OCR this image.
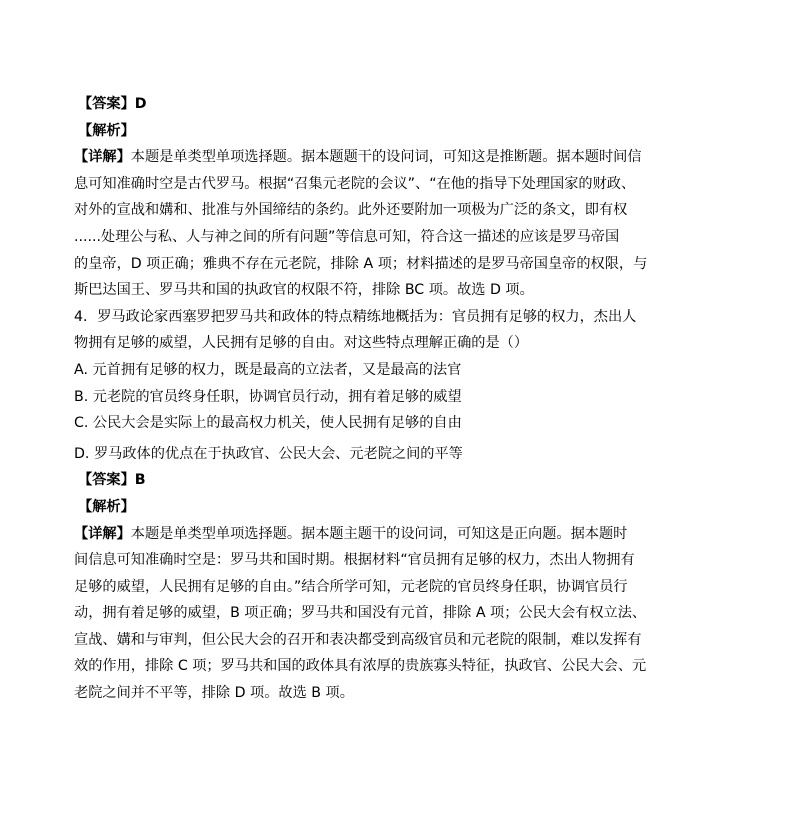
【答案】D
【解析】
【详解】本题是单类型单项选择题。据本题题干的设问词，可知这是推断题。据本题时间信
息可知准确时空是古代罗马。根据“召集元老院的会议”、“在他的指导下处理国家的财政、
对外的宣战和媾和、批准与外国缔结的条约。此外还要附加一项极为广泛的条文，即有权
......处理公与私、人与神之间的所有问题”等信息可知，符合这一描述的应该是罗马帝国
的皇帝，D 项正确；雅典不存在元老院，排除 A 项；材料描述的是罗马帝国皇帝的权限，与
斯巴达国王、罗马共和国的执政官的权限不符，排除 BC 项。故选 D 项。
4．罗马政论家西塞罗把罗马共和政体的特点精练地概括为：官员拥有足够的权力，杰出人
物拥有足够的威望，人民拥有足够的自由。对这些特点理解正确的是（）
A. 元首拥有足够的权力，既是最高的立法者，又是最高的法官
B. 元老院的官员终身任职，协调官员行动，拥有着足够的威望
C. 公民大会是实际上的最高权力机关，使人民拥有足够的自由
D. 罗马政体的优点在于执政官、公民大会、元老院之间的平等
【答案】B
【解析】
【详解】本题是单类型单项选择题。据本题主题干的设问词，可知这是正向题。据本题时
间信息可知准确时空是：罗马共和国时期。根据材料“官员拥有足够的权力，杰出人物拥有
足够的威望，人民拥有足够的自由。”结合所学可知，元老院的官员终身任职，协调官员行
动，拥有着足够的威望，B 项正确；罗马共和国没有元首，排除 A 项；公民大会有权立法、
宣战、媾和与审判，但公民大会的召开和表决都受到高级官员和元老院的限制，难以发挥有
效的作用，排除 C 项；罗马共和国的政体具有浓厚的贵族寡头特征，执政官、公民大会、元
老院之间并不平等，排除 D 项。故选 B 项。
